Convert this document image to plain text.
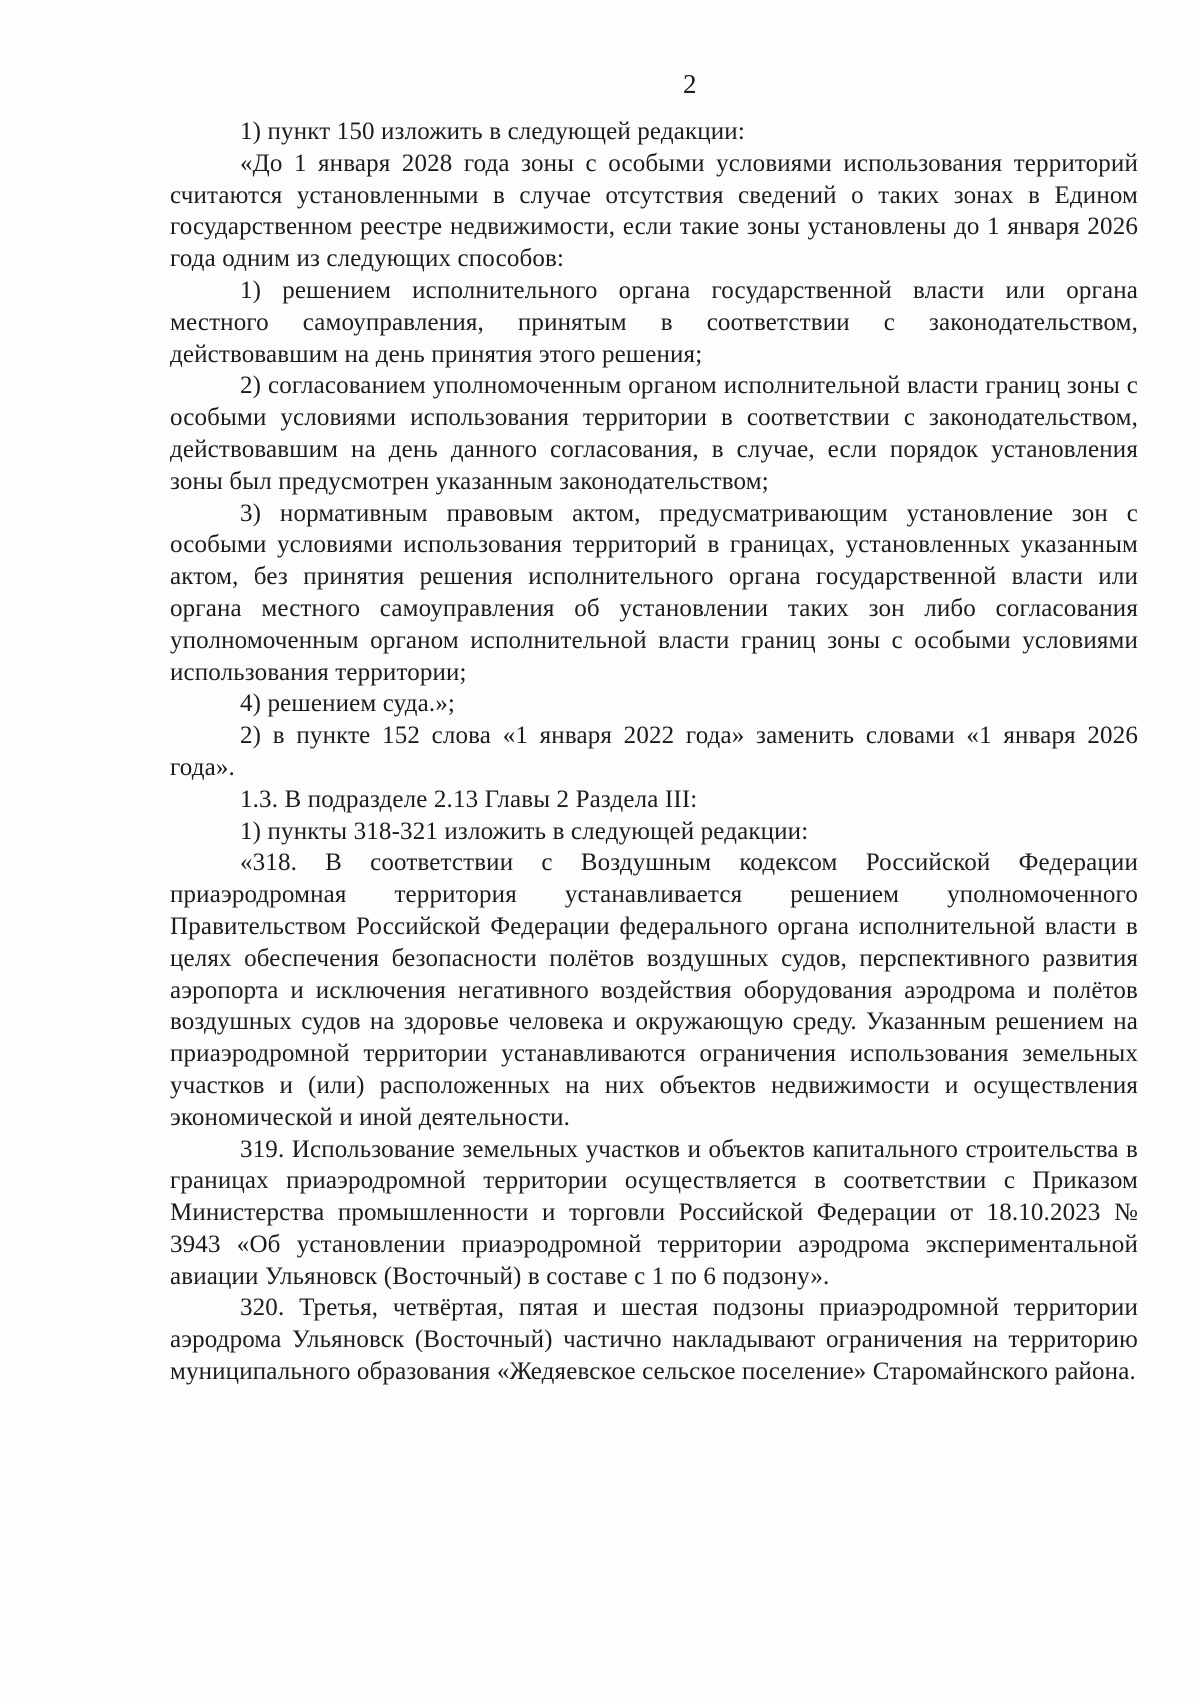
2

1) пункт 150 изложить в следующей редакции:

«До 1 января 2028 года зоны с особыми условиями использования территорий считаются установленными в случае отсутствия сведений о таких зонах в Едином государственном реестре недвижимости, если такие зоны установлены до 1 января 2026 года одним из следующих способов:

1) решением исполнительного органа государственной власти или органа местного самоуправления, принятым в соответствии с законодательством, действовавшим на день принятия этого решения;

2) согласованием уполномоченным органом исполнительной власти границ зоны с особыми условиями использования территории в соответствии с законодательством, действовавшим на день данного согласования, в случае, если порядок установления зоны был предусмотрен указанным законодательством;

3) нормативным правовым актом, предусматривающим установление зон с особыми условиями использования территорий в границах, установленных указанным актом, без принятия решения исполнительного органа государственной власти или органа местного самоуправления об установлении таких зон либо согласования уполномоченным органом исполнительной власти границ зоны с особыми условиями использования территории;

4) решением суда.»;

2) в пункте 152 слова «1 января 2022 года» заменить словами «1 января 2026 года».

1.3. В подразделе 2.13 Главы 2 Раздела III:

1) пункты 318-321 изложить в следующей редакции:

«318. В соответствии с Воздушным кодексом Российской Федерации приаэродромная территория устанавливается решением уполномоченного Правительством Российской Федерации федерального органа исполнительной власти в целях обеспечения безопасности полётов воздушных судов, перспективного развития аэропорта и исключения негативного воздействия оборудования аэродрома и полётов воздушных судов на здоровье человека и окружающую среду. Указанным решением на приаэродромной территории устанавливаются ограничения использования земельных участков и (или) расположенных на них объектов недвижимости и осуществления экономической и иной деятельности.

319. Использование земельных участков и объектов капитального строительства в границах приаэродромной территории осуществляется в соответствии с Приказом Министерства промышленности и торговли Российской Федерации от 18.10.2023 № 3943 «Об установлении приаэродромной территории аэродрома экспериментальной авиации Ульяновск (Восточный) в составе с 1 по 6 подзону».

320. Третья, четвёртая, пятая и шестая подзоны приаэродромной территории аэродрома Ульяновск (Восточный) частично накладывают ограничения на территорию муниципального образования «Жедяевское сельское поселение» Старомайнского района.
